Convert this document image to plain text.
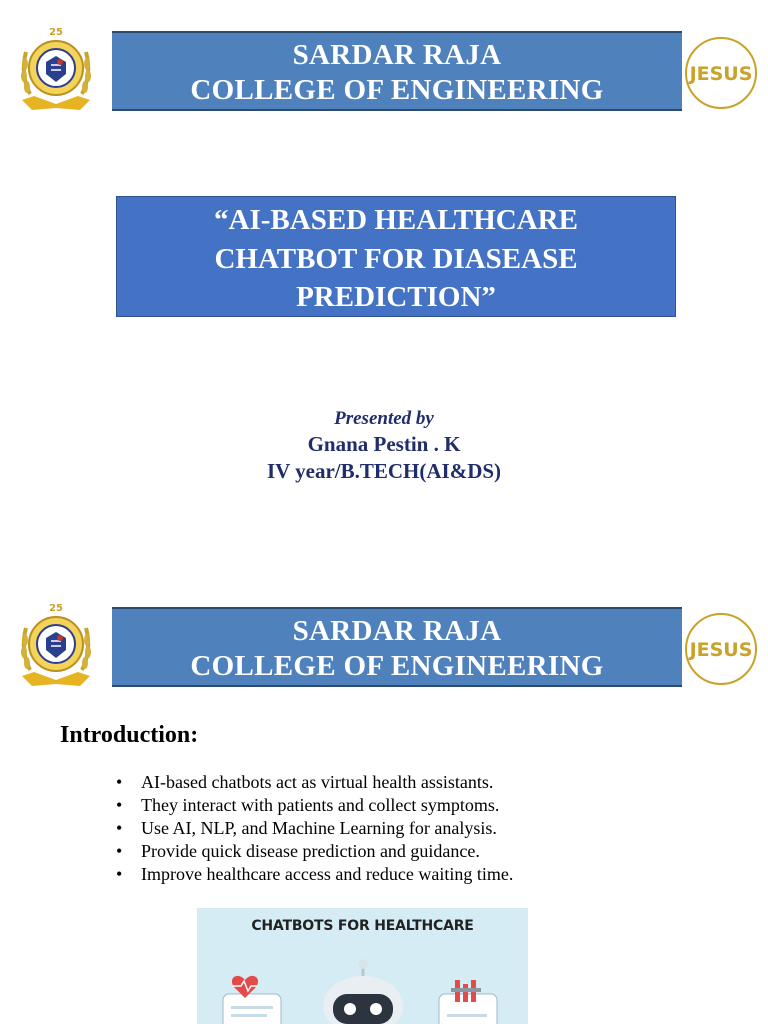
25
SARDAR RAJA
COLLEGE OF ENGINEERING	JESUS
“AI-BASED HEALTHCARE
CHATBOT FOR DIASEASE
PREDICTION”
Presented by
Gnana Pestin . K
IV year/B.TECH(AI&DS)
25
SARDAR RAJA
COLLEGE OF ENGINEERING	JESUS
Introduction:
• AI-based chatbots act as virtual health assistants.
• They interact with patients and collect symptoms.
• Use AI, NLP, and Machine Learning for analysis.
• Provide quick disease prediction and guidance.
• Improve healthcare access and reduce waiting time.
CHATBOTS FOR HEALTHCARE
